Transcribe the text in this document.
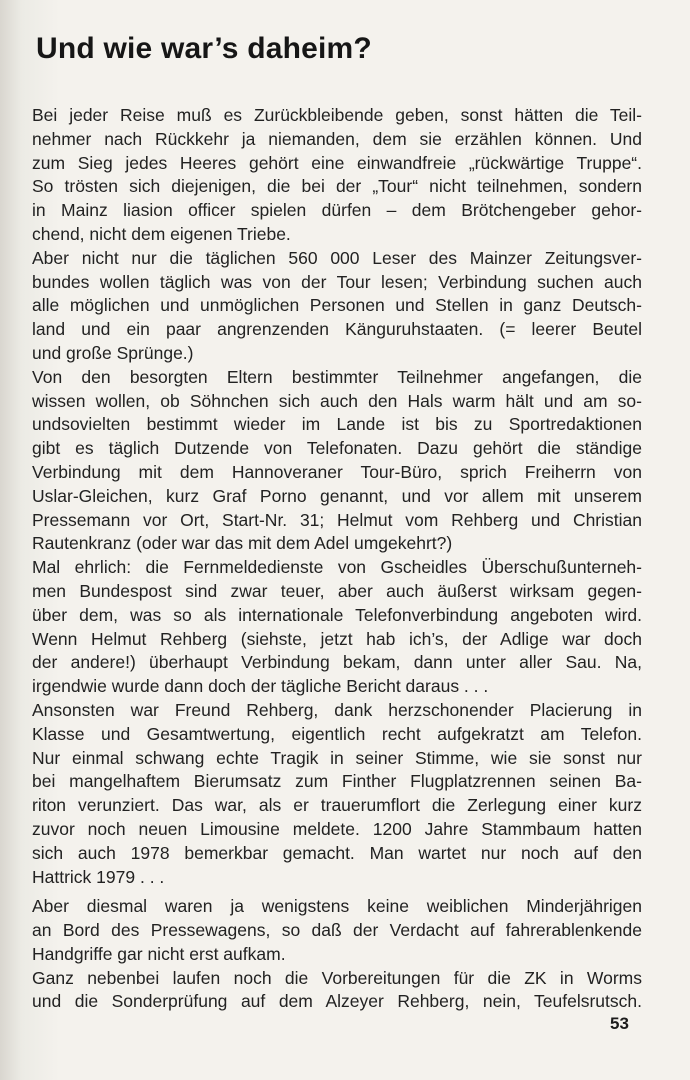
Und wie war’s daheim?

Bei jeder Reise muß es Zurückbleibende geben, sonst hätten die Teil-
nehmer nach Rückkehr ja niemanden, dem sie erzählen können. Und
zum Sieg jedes Heeres gehört eine einwandfreie „rückwärtige Truppe“.
So trösten sich diejenigen, die bei der „Tour“ nicht teilnehmen, sondern
in Mainz liasion officer spielen dürfen – dem Brötchengeber gehor-
chend, nicht dem eigenen Triebe.

Aber nicht nur die täglichen 560 000 Leser des Mainzer Zeitungsver-
bundes wollen täglich was von der Tour lesen; Verbindung suchen auch
alle möglichen und unmöglichen Personen und Stellen in ganz Deutsch-
land und ein paar angrenzenden Känguruhstaaten. (= leerer Beutel
und große Sprünge.)

Von den besorgten Eltern bestimmter Teilnehmer angefangen, die
wissen wollen, ob Söhnchen sich auch den Hals warm hält und am so-
undsovielten bestimmt wieder im Lande ist bis zu Sportredaktionen
gibt es täglich Dutzende von Telefonaten. Dazu gehört die ständige
Verbindung mit dem Hannoveraner Tour-Büro, sprich Freiherrn von
Uslar-Gleichen, kurz Graf Porno genannt, und vor allem mit unserem
Pressemann vor Ort, Start-Nr. 31; Helmut vom Rehberg und Christian
Rautenkranz (oder war das mit dem Adel umgekehrt?)

Mal ehrlich: die Fernmeldedienste von Gscheidles Überschußunterneh-
men Bundespost sind zwar teuer, aber auch äußerst wirksam gegen-
über dem, was so als internationale Telefonverbindung angeboten wird.
Wenn Helmut Rehberg (siehste, jetzt hab ich’s, der Adlige war doch
der andere!) überhaupt Verbindung bekam, dann unter aller Sau. Na,
irgendwie wurde dann doch der tägliche Bericht daraus . . .

Ansonsten war Freund Rehberg, dank herzschonender Placierung in
Klasse und Gesamtwertung, eigentlich recht aufgekratzt am Telefon.
Nur einmal schwang echte Tragik in seiner Stimme, wie sie sonst nur
bei mangelhaftem Bierumsatz zum Finther Flugplatzrennen seinen Ba-
riton verunziert. Das war, als er trauerumflort die Zerlegung einer kurz
zuvor noch neuen Limousine meldete. 1200 Jahre Stammbaum hatten
sich auch 1978 bemerkbar gemacht. Man wartet nur noch auf den
Hattrick 1979 . . .

Aber diesmal waren ja wenigstens keine weiblichen Minderjährigen
an Bord des Pressewagens, so daß der Verdacht auf fahrerablenkende
Handgriffe gar nicht erst aufkam.

Ganz nebenbei laufen noch die Vorbereitungen für die ZK in Worms
und die Sonderprüfung auf dem Alzeyer Rehberg, nein, Teufelsrutsch.

53
